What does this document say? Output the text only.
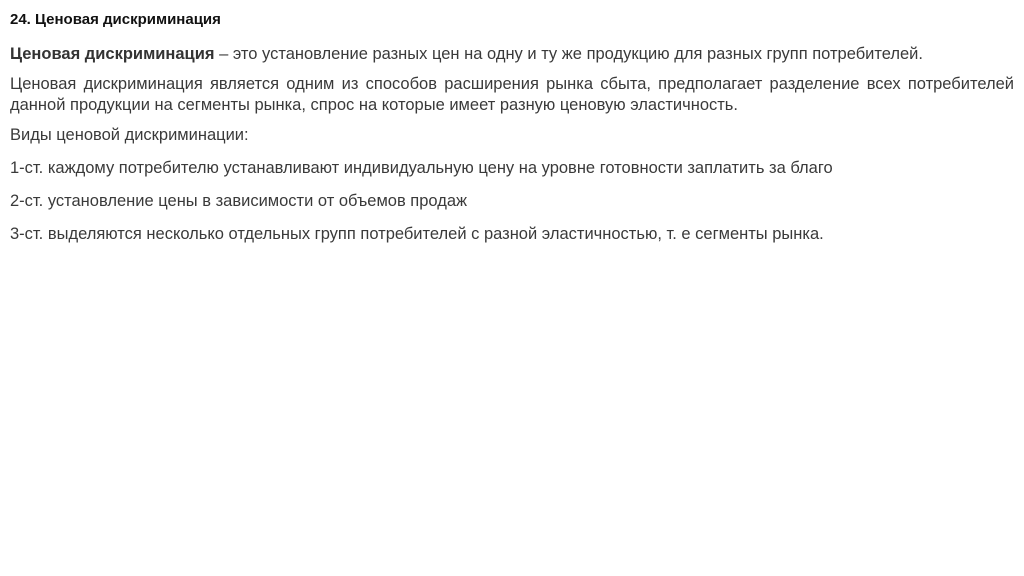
24. Ценовая дискриминация

Ценовая дискриминация – это установление разных цен на одну и ту же продукцию для разных групп потребителей.

Ценовая дискриминация является одним из способов расширения рынка сбыта, предполагает разделение всех потребителей данной продукции на сегменты рынка, спрос на которые имеет разную ценовую эластичность.

Виды ценовой дискриминации:

1-ст. каждому потребителю устанавливают индивидуальную цену на уровне готовности заплатить за благо

2-ст. установление цены в зависимости от объемов продаж

3-ст. выделяются несколько отдельных групп потребителей с разной эластичностью, т. е сегменты рынка.
